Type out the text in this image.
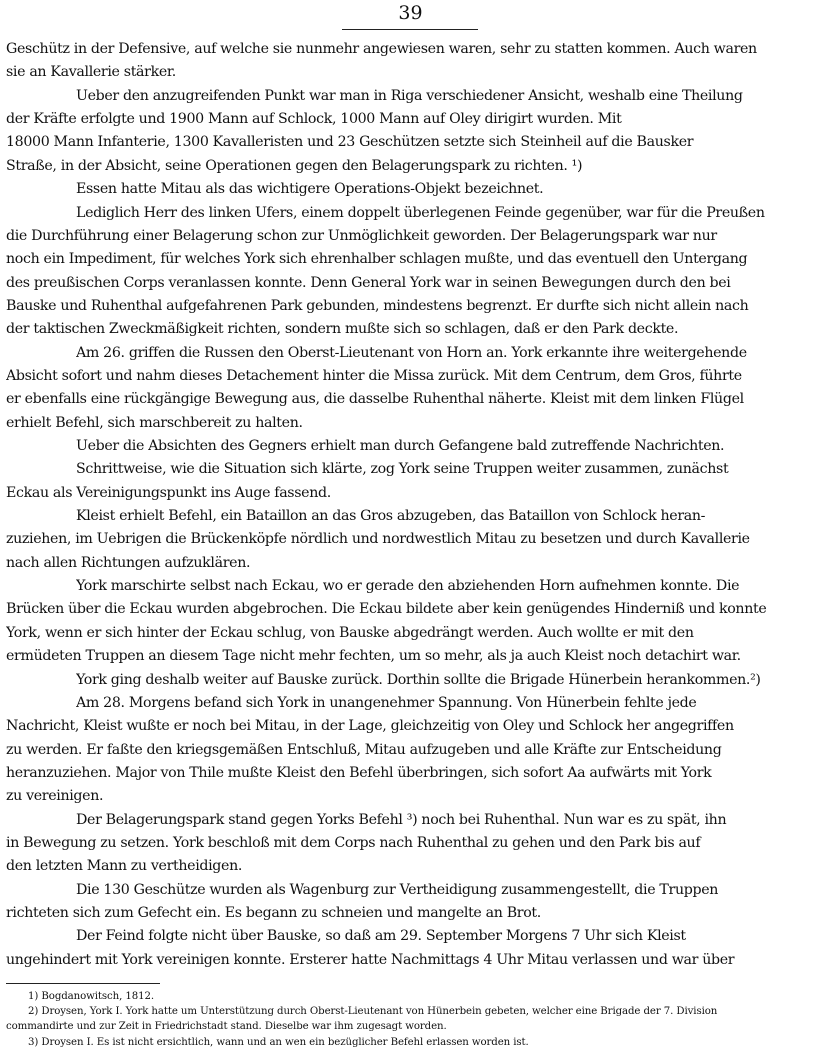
39
Geschütz in der Defensive, auf welche sie nunmehr angewiesen waren, sehr zu statten kommen. Auch waren
sie an Kavallerie stärker.
Ueber den anzugreifenden Punkt war man in Riga verschiedener Ansicht, weshalb eine Theilung
der Kräfte erfolgte und 1900 Mann auf Schlock, 1000 Mann auf Oley dirigirt wurden. Mit
18000 Mann Infanterie, 1300 Kavalleristen und 23 Geschützen setzte sich Steinheil auf die Bausker
Straße, in der Absicht, seine Operationen gegen den Belagerungspark zu richten. ¹)
Essen hatte Mitau als das wichtigere Operations-Objekt bezeichnet.
Lediglich Herr des linken Ufers, einem doppelt überlegenen Feinde gegenüber, war für die Preußen
die Durchführung einer Belagerung schon zur Unmöglichkeit geworden. Der Belagerungspark war nur
noch ein Impediment, für welches York sich ehrenhalber schlagen mußte, und das eventuell den Untergang
des preußischen Corps veranlassen konnte. Denn General York war in seinen Bewegungen durch den bei
Bauske und Ruhenthal aufgefahrenen Park gebunden, mindestens begrenzt. Er durfte sich nicht allein nach
der taktischen Zweckmäßigkeit richten, sondern mußte sich so schlagen, daß er den Park deckte.
Am 26. griffen die Russen den Oberst-Lieutenant von Horn an. York erkannte ihre weitergehende
Absicht sofort und nahm dieses Detachement hinter die Missa zurück. Mit dem Centrum, dem Gros, führte
er ebenfalls eine rückgängige Bewegung aus, die dasselbe Ruhenthal näherte. Kleist mit dem linken Flügel
erhielt Befehl, sich marschbereit zu halten.
Ueber die Absichten des Gegners erhielt man durch Gefangene bald zutreffende Nachrichten.
Schrittweise, wie die Situation sich klärte, zog York seine Truppen weiter zusammen, zunächst
Eckau als Vereinigungspunkt ins Auge fassend.
Kleist erhielt Befehl, ein Bataillon an das Gros abzugeben, das Bataillon von Schlock heran-
zuziehen, im Uebrigen die Brückenköpfe nördlich und nordwestlich Mitau zu besetzen und durch Kavallerie
nach allen Richtungen aufzuklären.
York marschirte selbst nach Eckau, wo er gerade den abziehenden Horn aufnehmen konnte. Die
Brücken über die Eckau wurden abgebrochen. Die Eckau bildete aber kein genügendes Hinderniß und konnte
York, wenn er sich hinter der Eckau schlug, von Bauske abgedrängt werden. Auch wollte er mit den
ermüdeten Truppen an diesem Tage nicht mehr fechten, um so mehr, als ja auch Kleist noch detachirt war.
York ging deshalb weiter auf Bauske zurück. Dorthin sollte die Brigade Hünerbein herankommen.²)
Am 28. Morgens befand sich York in unangenehmer Spannung. Von Hünerbein fehlte jede
Nachricht, Kleist wußte er noch bei Mitau, in der Lage, gleichzeitig von Oley und Schlock her angegriffen
zu werden. Er faßte den kriegsgemäßen Entschluß, Mitau aufzugeben und alle Kräfte zur Entscheidung
heranzuziehen. Major von Thile mußte Kleist den Befehl überbringen, sich sofort Aa aufwärts mit York
zu vereinigen.
Der Belagerungspark stand gegen Yorks Befehl ³) noch bei Ruhenthal. Nun war es zu spät, ihn
in Bewegung zu setzen. York beschloß mit dem Corps nach Ruhenthal zu gehen und den Park bis auf
den letzten Mann zu vertheidigen.
Die 130 Geschütze wurden als Wagenburg zur Vertheidigung zusammengestellt, die Truppen
richteten sich zum Gefecht ein. Es begann zu schneien und mangelte an Brot.
Der Feind folgte nicht über Bauske, so daß am 29. September Morgens 7 Uhr sich Kleist
ungehindert mit York vereinigen konnte. Ersterer hatte Nachmittags 4 Uhr Mitau verlassen und war über
1) Bogdanowitsch, 1812.
2) Droysen, York I. York hatte um Unterstützung durch Oberst-Lieutenant von Hünerbein gebeten, welcher eine Brigade der 7. Division
commandirte und zur Zeit in Friedrichstadt stand. Dieselbe war ihm zugesagt worden.
3) Droysen I. Es ist nicht ersichtlich, wann und an wen ein bezüglicher Befehl erlassen worden ist.
